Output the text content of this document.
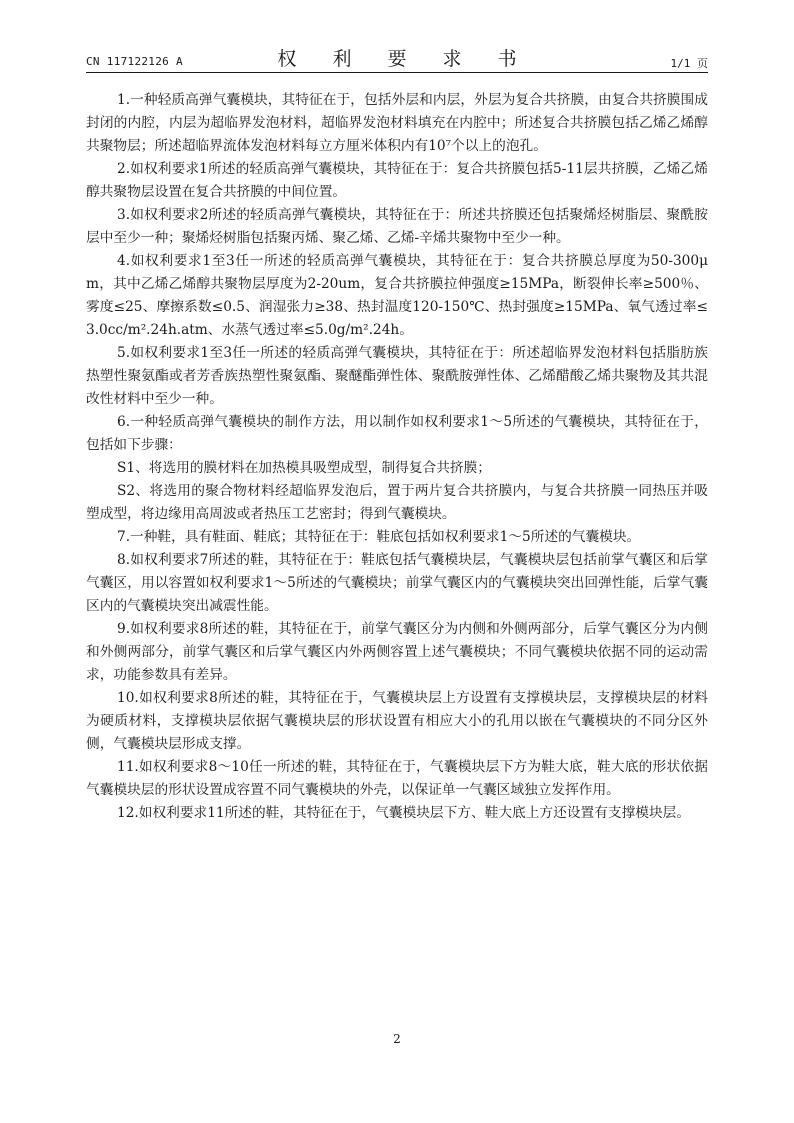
CN 117122126 A	权 利 要 求 书	1/1 页

1.一种轻质高弹气囊模块，其特征在于，包括外层和内层，外层为复合共挤膜，由复合共挤膜围成封闭的内腔，内层为超临界发泡材料，超临界发泡材料填充在内腔中；所述复合共挤膜包括乙烯乙烯醇共聚物层；所述超临界流体发泡材料每立方厘米体积内有10⁷个以上的泡孔。

2.如权利要求1所述的轻质高弹气囊模块，其特征在于：复合共挤膜包括5-11层共挤膜，乙烯乙烯醇共聚物层设置在复合共挤膜的中间位置。

3.如权利要求2所述的轻质高弹气囊模块，其特征在于：所述共挤膜还包括聚烯烃树脂层、聚酰胺层中至少一种；聚烯烃树脂包括聚丙烯、聚乙烯、乙烯-辛烯共聚物中至少一种。

4.如权利要求1至3任一所述的轻质高弹气囊模块，其特征在于：复合共挤膜总厚度为50-300μm，其中乙烯乙烯醇共聚物层厚度为2-20um，复合共挤膜拉伸强度≥15MPa，断裂伸长率≥500％、雾度≤25、摩擦系数≤0.5、润湿张力≥38、热封温度120-150℃、热封强度≥15MPa、氧气透过率≤3.0cc/m².24h.atm、水蒸气透过率≤5.0g/m².24h。

5.如权利要求1至3任一所述的轻质高弹气囊模块，其特征在于：所述超临界发泡材料包括脂肪族热塑性聚氨酯或者芳香族热塑性聚氨酯、聚醚酯弹性体、聚酰胺弹性体、乙烯醋酸乙烯共聚物及其共混改性材料中至少一种。

6.一种轻质高弹气囊模块的制作方法，用以制作如权利要求1～5所述的气囊模块，其特征在于，包括如下步骤：

S1、将选用的膜材料在加热模具吸塑成型，制得复合共挤膜；

S2、将选用的聚合物材料经超临界发泡后，置于两片复合共挤膜内，与复合共挤膜一同热压并吸塑成型，将边缘用高周波或者热压工艺密封；得到气囊模块。

7.一种鞋，具有鞋面、鞋底；其特征在于：鞋底包括如权利要求1～5所述的气囊模块。

8.如权利要求7所述的鞋，其特征在于：鞋底包括气囊模块层，气囊模块层包括前掌气囊区和后掌气囊区，用以容置如权利要求1～5所述的气囊模块；前掌气囊区内的气囊模块突出回弹性能，后掌气囊区内的气囊模块突出减震性能。

9.如权利要求8所述的鞋，其特征在于，前掌气囊区分为内侧和外侧两部分，后掌气囊区分为内侧和外侧两部分，前掌气囊区和后掌气囊区内外两侧容置上述气囊模块；不同气囊模块依据不同的运动需求，功能参数具有差异。

10.如权利要求8所述的鞋，其特征在于，气囊模块层上方设置有支撑模块层，支撑模块层的材料为硬质材料，支撑模块层依据气囊模块层的形状设置有相应大小的孔用以嵌在气囊模块的不同分区外侧，气囊模块层形成支撑。

11.如权利要求8～10任一所述的鞋，其特征在于，气囊模块层下方为鞋大底，鞋大底的形状依据气囊模块层的形状设置成容置不同气囊模块的外壳，以保证单一气囊区域独立发挥作用。

12.如权利要求11所述的鞋，其特征在于，气囊模块层下方、鞋大底上方还设置有支撑模块层。

2
